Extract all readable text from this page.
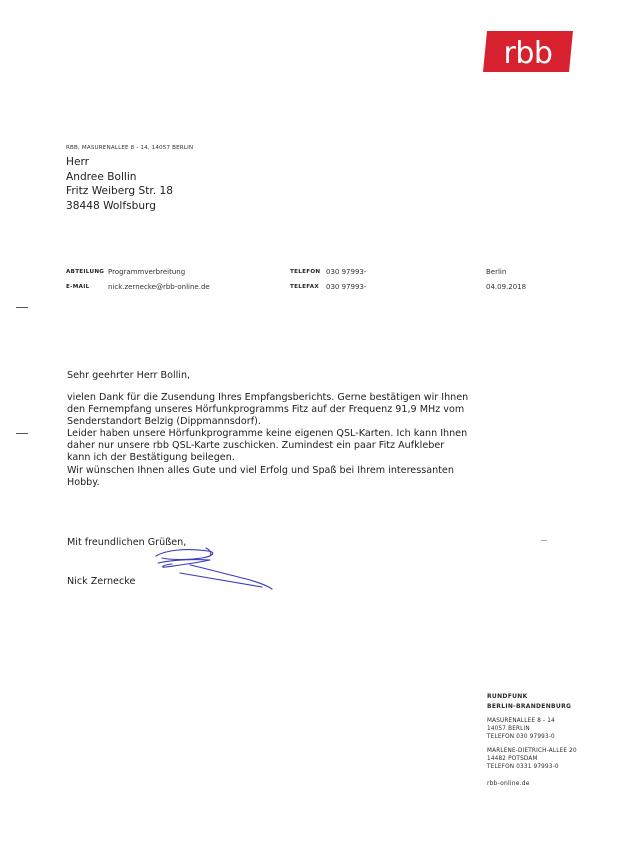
rbb
RBB, MASURENALLEE 8 - 14, 14057 BERLIN
Herr
Andree Bollin
Fritz Weiberg Str. 18
38448 Wolfsburg
ABTEILUNG Programmverbreitung
E-MAIL	nick.zernecke@rbb-online.de
TELEFON 030 97993-
TELEFAX 030 97993-
Berlin
04.09.2018
Sehr geehrter Herr Bollin,
vielen Dank für die Zusendung Ihres Empfangsberichts. Gerne bestätigen wir Ihnen
den Fernempfang unseres Hörfunkprogramms Fitz auf der Frequenz 91,9 MHz vom
Senderstandort Belzig (Dippmannsdorf).
Leider haben unsere Hörfunkprogramme keine eigenen QSL-Karten. Ich kann Ihnen
daher nur unsere rbb QSL-Karte zuschicken. Zumindest ein paar Fitz Aufkleber
kann ich der Bestätigung beilegen.
Wir wünschen Ihnen alles Gute und viel Erfolg und Spaß bei Ihrem interessanten
Hobby.
Mit freundlichen Grüßen,
Nick Zernecke
RUNDFUNK
BERLIN-BRANDENBURG
MASURENALLEE 8 - 14
14057 BERLIN
TELEFON 030 97993-0
MARLENE-DIETRICH-ALLEE 20
14482 POTSDAM
TELEFON 0331 97993-0
rbb-online.de
